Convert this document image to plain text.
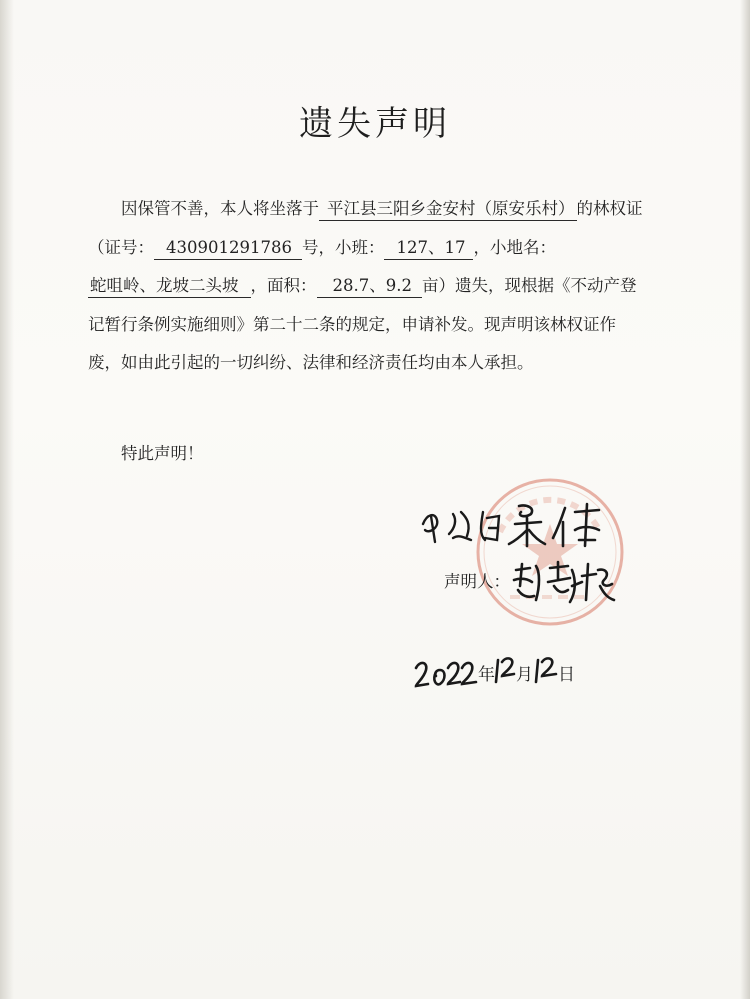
遗失声明

因保管不善，本人将坐落于 平江县三阳乡金安村（原安乐村） 的林权证（证号： 430901291786 号，小班： 127、17 ，小地名：蛇咀岭、龙坡二头坡 ，面积： 28.7、9.2 亩）遗失，现根据《不动产登记暂行条例实施细则》第二十二条的规定，申请补发。现声明该林权证作废，如由此引起的一切纠纷、法律和经济责任均由本人承担。

特此声明！
声明人：
年 月 日
